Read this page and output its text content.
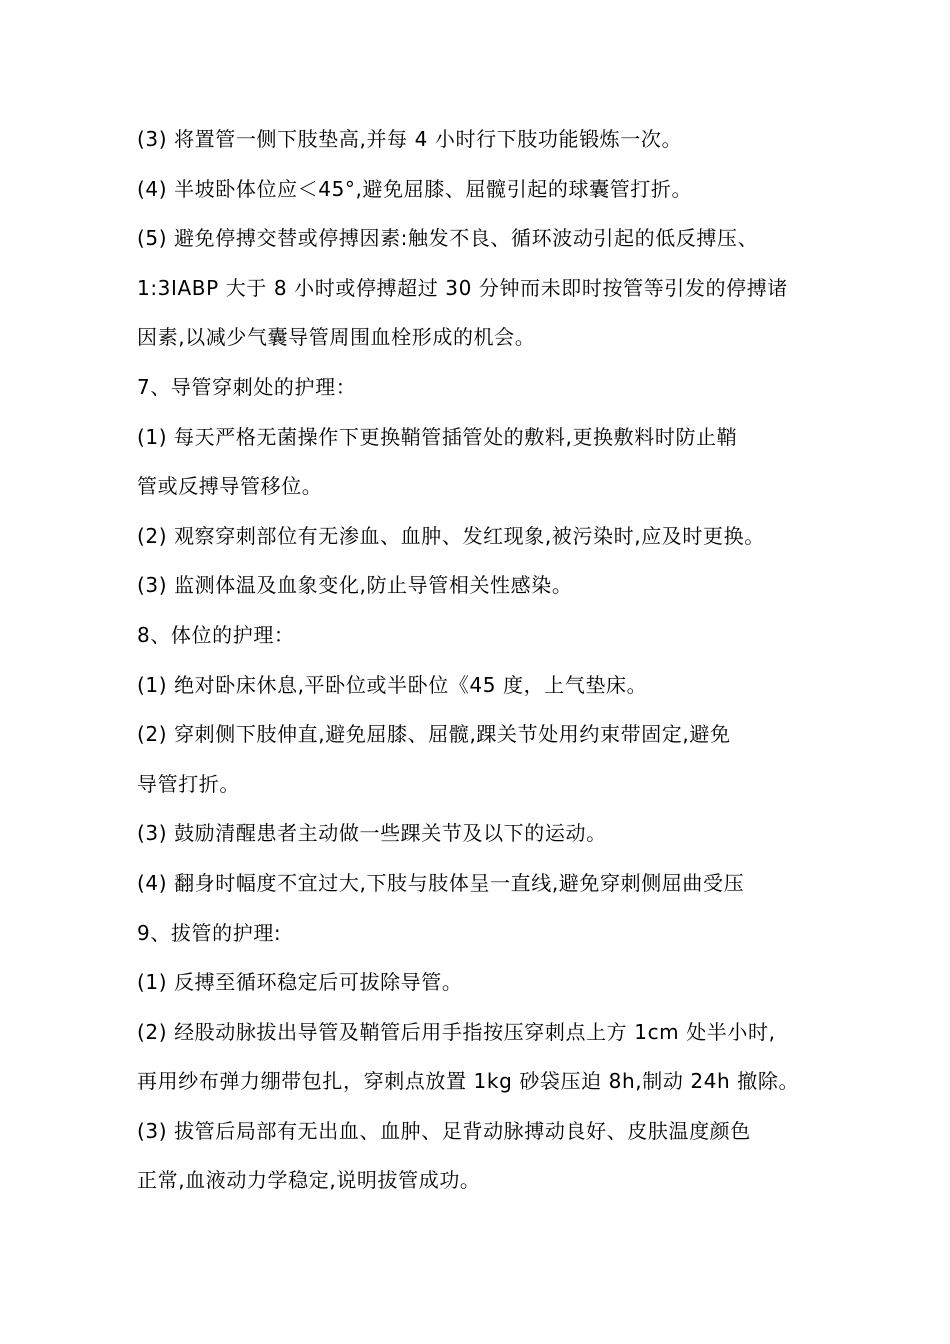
(3) 将置管一侧下肢垫高,并每 4 小时行下肢功能锻炼一次。
(4) 半坡卧体位应＜45°,避免屈膝、屈髋引起的球囊管打折。
(5) 避免停搏交替或停搏因素:触发不良、循环波动引起的低反搏压、
1:3IABP 大于 8 小时或停搏超过 30 分钟而未即时按管等引发的停搏诸
因素,以减少气囊导管周围血栓形成的机会。
7、导管穿刺处的护理：
(1) 每天严格无菌操作下更换鞘管插管处的敷料,更换敷料时防止鞘
管或反搏导管移位。
(2) 观察穿刺部位有无渗血、血肿、发红现象,被污染时,应及时更换。
(3) 监测体温及血象变化,防止导管相关性感染。
8、体位的护理：
(1) 绝对卧床休息,平卧位或半卧位《45 度，上气垫床。
(2) 穿刺侧下肢伸直,避免屈膝、屈髋,踝关节处用约束带固定,避免
导管打折。
(3) 鼓励清醒患者主动做一些踝关节及以下的运动。
(4) 翻身时幅度不宜过大,下肢与肢体呈一直线,避免穿刺侧屈曲受压
9、拔管的护理:
(1) 反搏至循环稳定后可拔除导管。
(2) 经股动脉拔出导管及鞘管后用手指按压穿刺点上方 1cm 处半小时,
再用纱布弹力绷带包扎，穿刺点放置 1kg 砂袋压迫 8h,制动 24h 撤除。
(3) 拔管后局部有无出血、血肿、足背动脉搏动良好、皮肤温度颜色
正常,血液动力学稳定,说明拔管成功。
